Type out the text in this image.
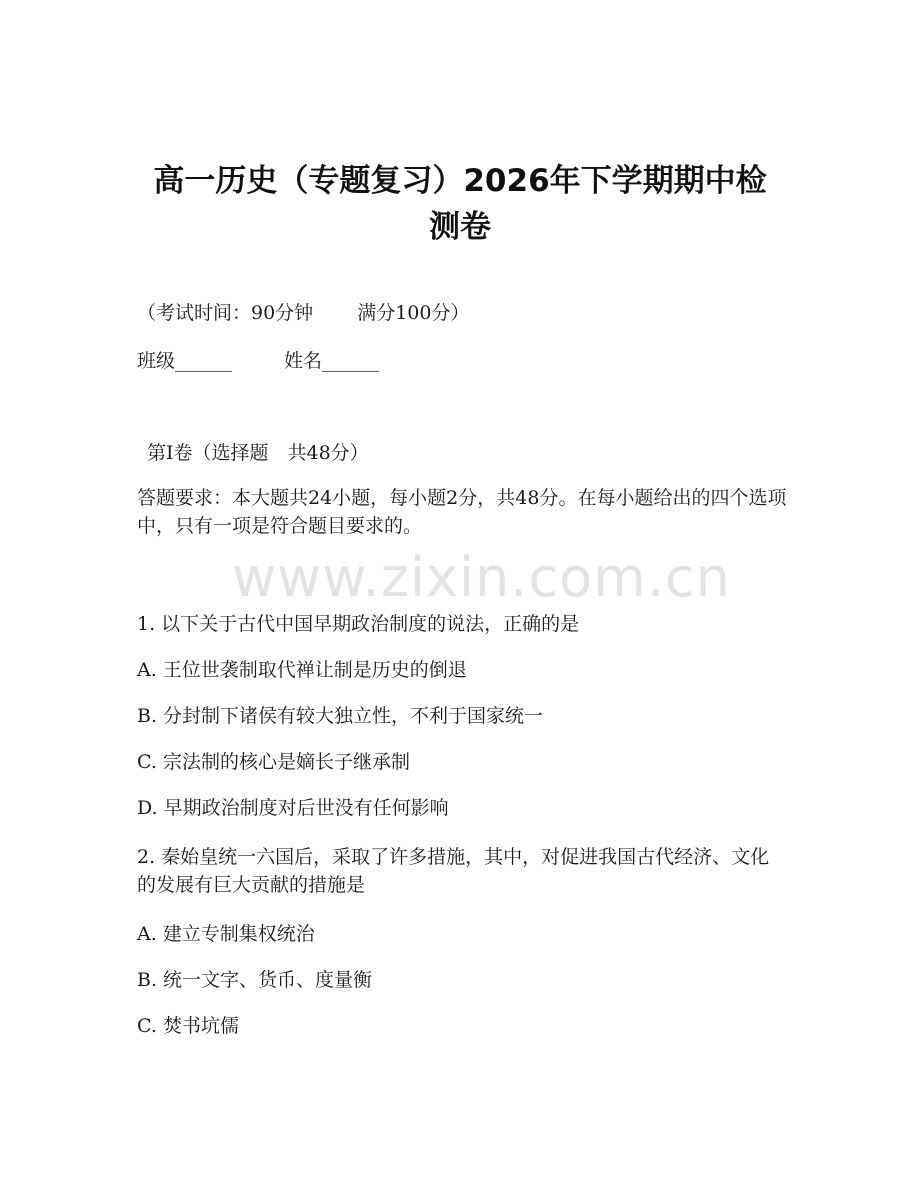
高一历史（专题复习）2026年下学期期中检
测卷

（考试时间：90分钟 满分100分）

班级______	姓名______

第Ⅰ卷（选择题　共48分）

答题要求：本大题共24小题，每小题2分，共48分。在每小题给出的四个选项中，只有一项是符合题目要求的。

www.zixin.com.cn

1. 以下关于古代中国早期政治制度的说法，正确的是

A. 王位世袭制取代禅让制是历史的倒退

B. 分封制下诸侯有较大独立性，不利于国家统一

C. 宗法制的核心是嫡长子继承制

D. 早期政治制度对后世没有任何影响

2. 秦始皇统一六国后，采取了许多措施，其中，对促进我国古代经济、文化的发展有巨大贡献的措施是

A. 建立专制集权统治

B. 统一文字、货币、度量衡

C. 焚书坑儒
